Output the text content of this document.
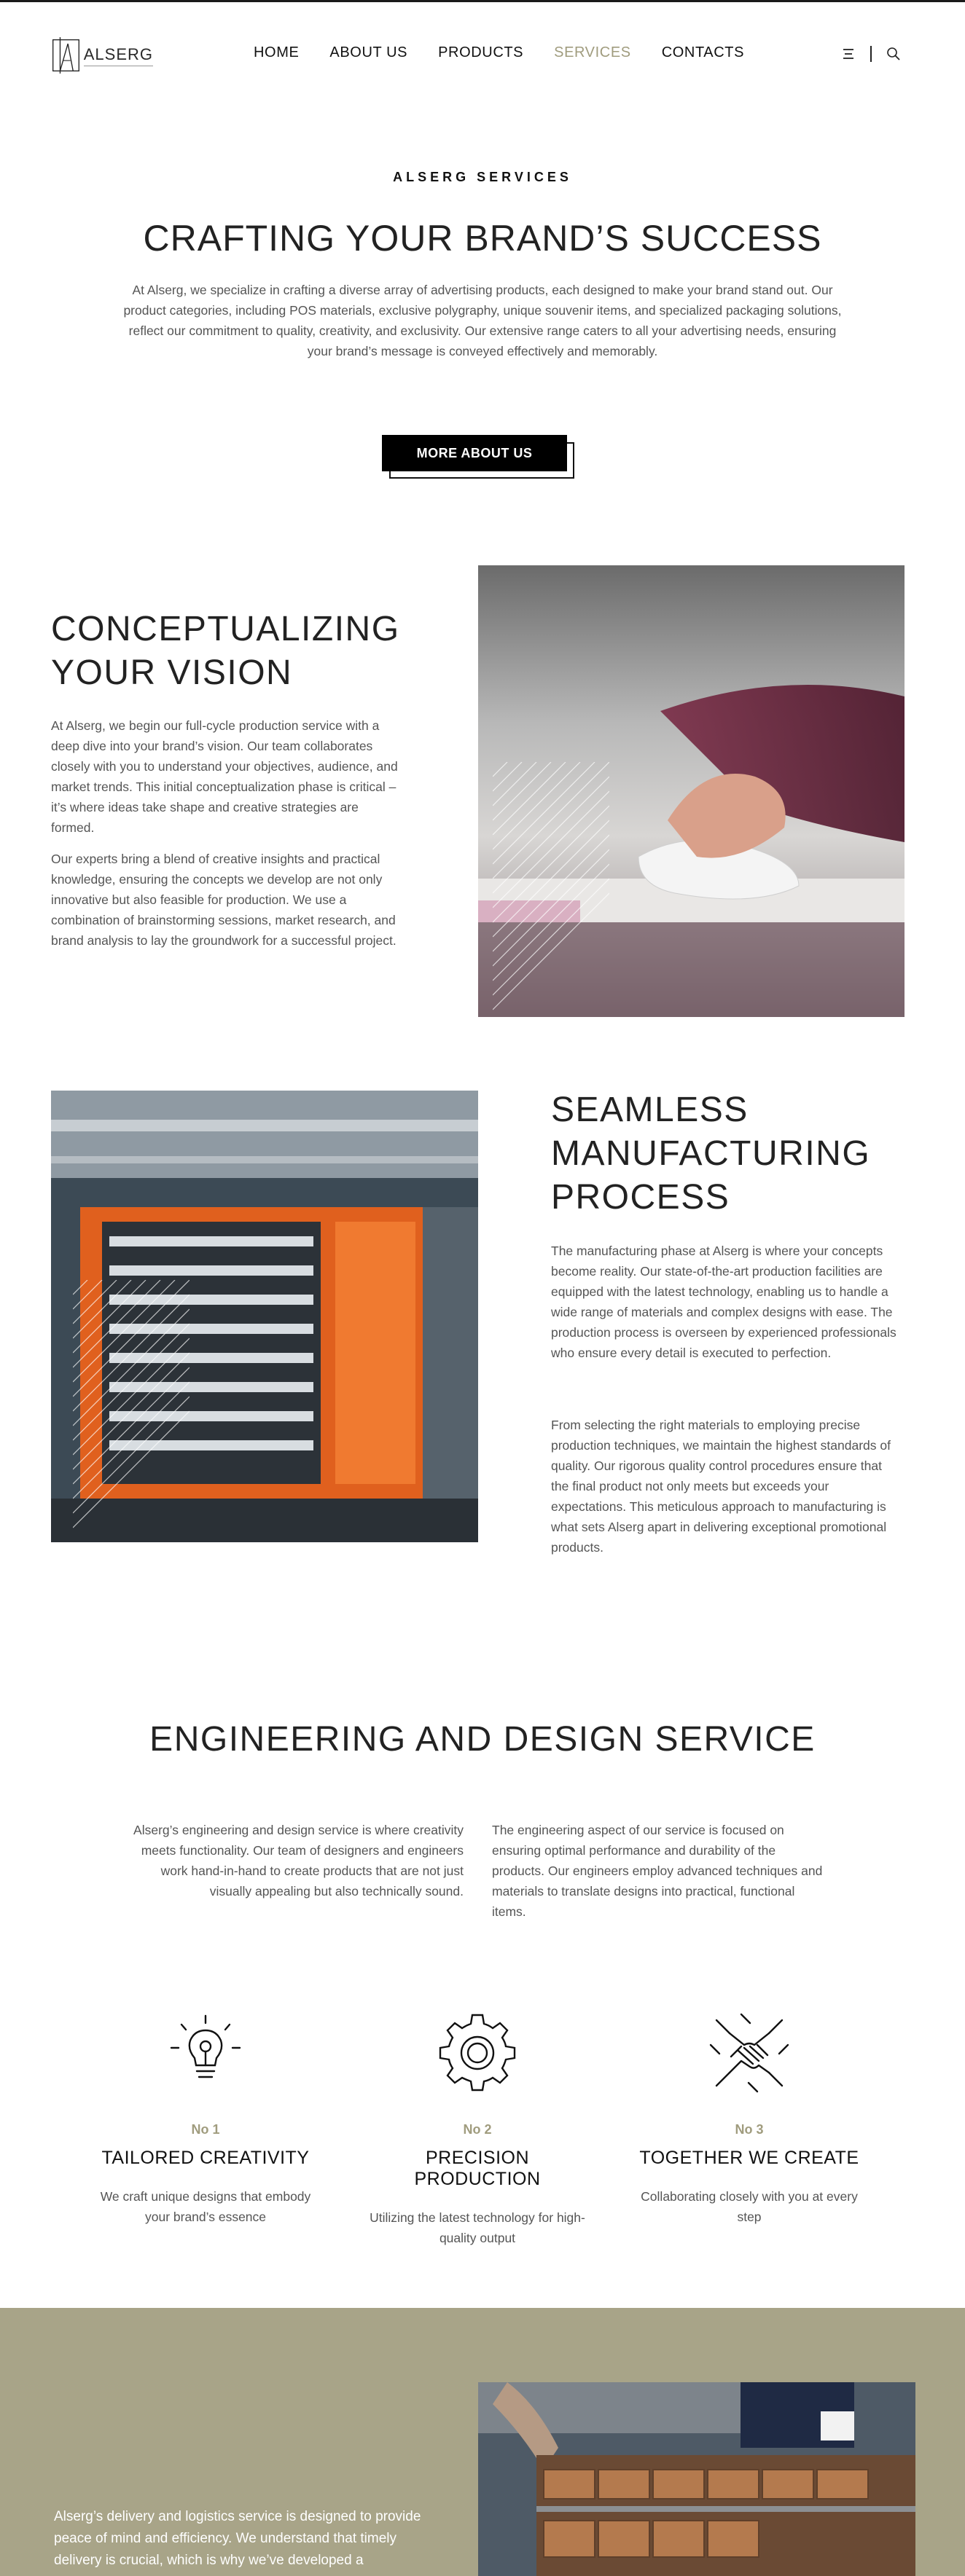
ALSERG	HOME ABOUT US PRODUCTS SERVICES CONTACTS
ALSERG SERVICES
CRAFTING YOUR BRAND’S SUCCESS

At Alserg, we specialize in crafting a diverse array of advertising products, each designed to make your brand stand out. Our product categories, including POS materials, exclusive polygraphy, unique souvenir items, and specialized packaging solutions, reflect our commitment to quality, creativity, and exclusivity. Our extensive range caters to all your advertising needs, ensuring your brand’s message is conveyed effectively and memorably.

MORE ABOUT US
CONCEPTUALIZING
YOUR VISION

At Alserg, we begin our full-cycle production service with a deep dive into your brand’s vision. Our team collaborates closely with you to understand your objectives, audience, and market trends. This initial conceptualization phase is critical – it’s where ideas take shape and creative strategies are formed.

Our experts bring a blend of creative insights and practical knowledge, ensuring the concepts we develop are not only innovative but also feasible for production. We use a combination of brainstorming sessions, market research, and brand analysis to lay the groundwork for a successful project.

SEAMLESS
MANUFACTURING
PROCESS

The manufacturing phase at Alserg is where your concepts become reality. Our state-of-the-art production facilities are equipped with the latest technology, enabling us to handle a wide range of materials and complex designs with ease. The production process is overseen by experienced professionals who ensure every detail is executed to perfection.

From selecting the right materials to employing precise production techniques, we maintain the highest standards of quality. Our rigorous quality control procedures ensure that the final product not only meets but exceeds your expectations. This meticulous approach to manufacturing is what sets Alserg apart in delivering exceptional promotional products.

ENGINEERING AND DESIGN SERVICE

Alserg’s engineering and design service is where creativity meets functionality. Our team of designers and engineers work hand-in-hand to create products that are not just visually appealing but also technically sound.

The engineering aspect of our service is focused on ensuring optimal performance and durability of the products. Our engineers employ advanced techniques and materials to translate designs into practical, functional items.

No 1
TAILORED CREATIVITY
We craft unique designs that embody your brand’s essence
No 2
PRECISION PRODUCTION
Utilizing the latest technology for high-quality output
No 3
TOGETHER WE CREATE
Collaborating closely with you at every step

Alserg’s delivery and logistics service is designed to provide peace of mind and efficiency. We understand that timely delivery is crucial, which is why we’ve developed a
